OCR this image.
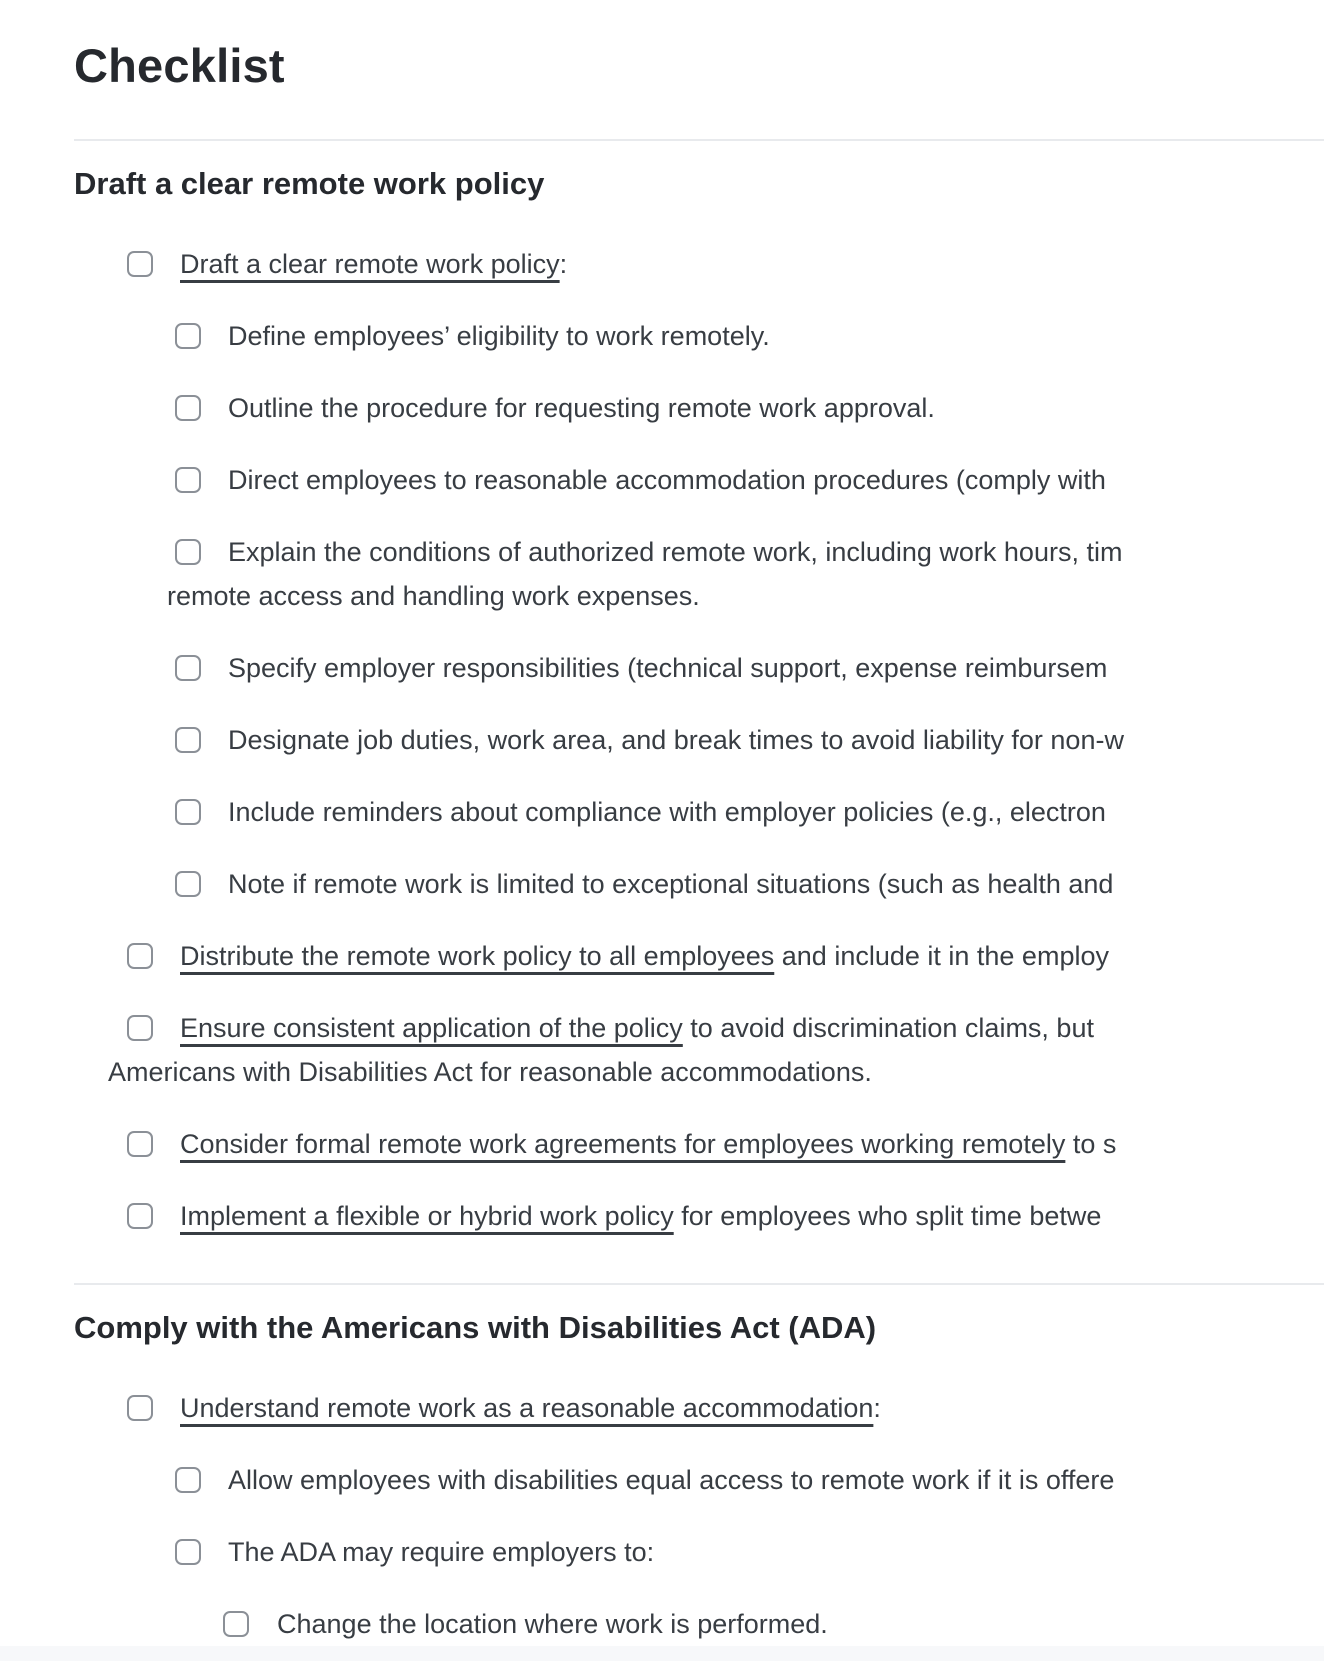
Checklist
Draft a clear remote work policy
Draft a clear remote work policy:
Define employees’ eligibility to work remotely.
Outline the procedure for requesting remote work approval.
Direct employees to reasonable accommodation procedures (comply with
Explain the conditions of authorized remote work, including work hours, tim
remote access and handling work expenses.
Specify employer responsibilities (technical support, expense reimbursem
Designate job duties, work area, and break times to avoid liability for non-w
Include reminders about compliance with employer policies (e.g., electron
Note if remote work is limited to exceptional situations (such as health and
Distribute the remote work policy to all employees and include it in the employ
Ensure consistent application of the policy to avoid discrimination claims, but
Americans with Disabilities Act for reasonable accommodations.
Consider formal remote work agreements for employees working remotely to s
Implement a flexible or hybrid work policy for employees who split time betwe
Comply with the Americans with Disabilities Act (ADA)
Understand remote work as a reasonable accommodation:
Allow employees with disabilities equal access to remote work if it is offere
The ADA may require employers to:
Change the location where work is performed.
